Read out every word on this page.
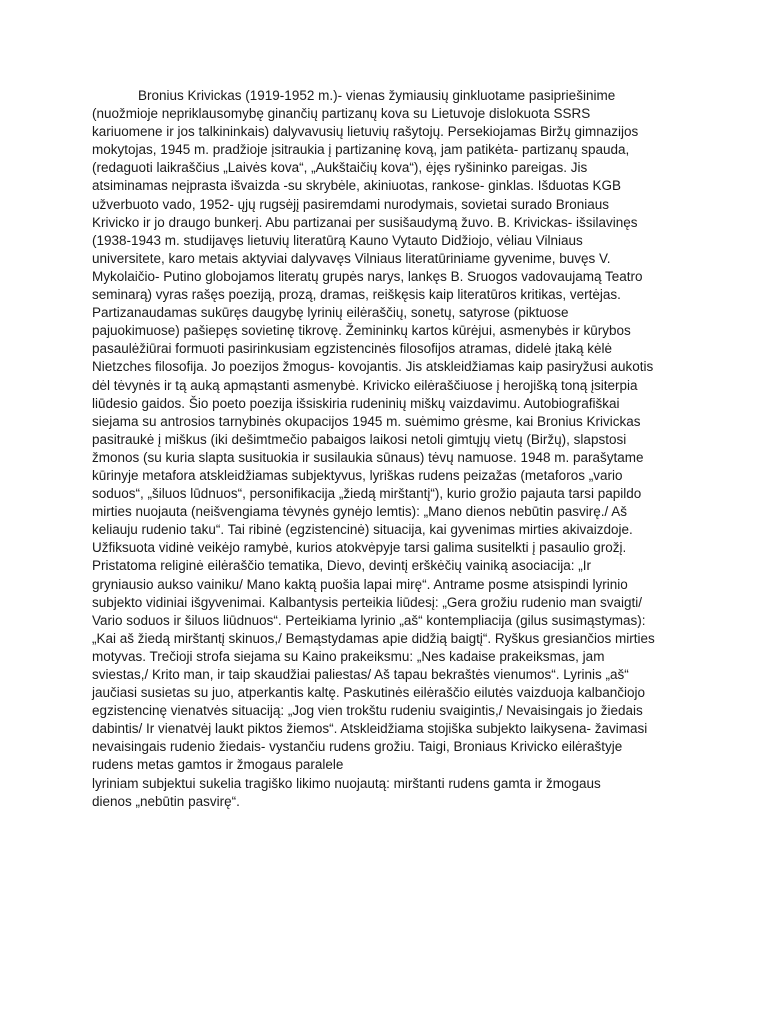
Bronius Krivickas (1919-1952 m.)- vienas žymiausių ginkluotame pasipriešinime
(nuožmioje nepriklausomybę ginančių partizanų kova su Lietuvoje dislokuota SSRS
kariuomene ir jos talkininkais) dalyvavusių lietuvių rašytojų. Persekiojamas Biržų gimnazijos
mokytojas, 1945 m. pradžioje įsitraukia į partizaninę kovą, jam patikėta- partizanų spauda,
(redaguoti laikraščius „Laivės kova“, „Aukštaičių kova“), ėjęs ryšininko pareigas. Jis
atsiminamas neįprasta išvaizda -su skrybėle, akiniuotas, rankose- ginklas. Išduotas KGB
užverbuoto vado, 1952- ųjų rugsėjį pasiremdami nurodymais, sovietai surado Broniaus
Krivicko ir jo draugo bunkerį. Abu partizanai per susišaudymą žuvo. B. Krivickas- išsilavinęs
(1938-1943 m. studijavęs lietuvių literatūrą Kauno Vytauto Didžiojo, vėliau Vilniaus
universitete, karo metais aktyviai dalyvavęs Vilniaus literatūriniame gyvenime, buvęs V.
Mykolaičio- Putino globojamos literatų grupės narys, lankęs B. Sruogos vadovaujamą Teatro
seminarą) vyras rašęs poeziją, prozą, dramas, reiškęsis kaip literatūros kritikas, vertėjas.
Partizanaudamas sukūręs daugybę lyrinių eilėraščių, sonetų, satyrose (piktuose
pajuokimuose) pašiepęs sovietinę tikrovę. Žemininkų kartos kūrėjui, asmenybės ir kūrybos
pasaulėžiūrai formuoti pasirinkusiam egzistencinės filosofijos atramas, didelė įtaką kėlė
Nietzches filosofija. Jo poezijos žmogus- kovojantis. Jis atskleidžiamas kaip pasiryžusi aukotis
dėl tėvynės ir tą auką apmąstanti asmenybė. Krivicko eilėraščiuose į herojišką toną įsiterpia
liūdesio gaidos. Šio poeto poezija išsiskiria rudeninių miškų vaizdavimu. Autobiografiškai
siejama su antrosios tarnybinės okupacijos 1945 m. suėmimo grėsme, kai Bronius Krivickas
pasitraukė į miškus (iki dešimtmečio pabaigos laikosi netoli gimtųjų vietų (Biržų), slapstosi
žmonos (su kuria slapta susituokia ir susilaukia sūnaus) tėvų namuose. 1948 m. parašytame
kūrinyje metafora atskleidžiamas subjektyvus, lyriškas rudens peizažas (metaforos „vario
soduos“, „šiluos lūdnuos“, personifikacija „žiedą mirštantį“), kurio grožio pajauta tarsi papildo
mirties nuojauta (neišvengiama tėvynės gynėjo lemtis): „Mano dienos nebūtin pasvirę./ Aš
keliauju rudenio taku“. Tai ribinė (egzistencinė) situacija, kai gyvenimas mirties akivaizdoje.
Užfiksuota vidinė veikėjo ramybė, kurios atokvėpyje tarsi galima susitelkti į pasaulio grožį.
Pristatoma religinė eilėraščio tematika, Dievo, devintį erškėčių vainiką asociacija: „Ir
gryniausio aukso vainiku/ Mano kaktą puošia lapai mirę“. Antrame posme atsispindi lyrinio
subjekto vidiniai išgyvenimai. Kalbantysis perteikia liūdesį: „Gera grožiu rudenio man svaigti/
Vario soduos ir šiluos liūdnuos“. Perteikiama lyrinio „aš“ kontempliacija (gilus susimąstymas):
„Kai aš žiedą mirštantį skinuos,/ Bemąstydamas apie didžią baigtį“. Ryškus gresiančios mirties
motyvas. Trečioji strofa siejama su Kaino prakeiksmu: „Nes kadaise prakeiksmas, jam
sviestas,/ Krito man, ir taip skaudžiai paliestas/ Aš tapau bekraštės vienumos“. Lyrinis „aš“
jaučiasi susietas su juo, atperkantis kaltę. Paskutinės eilėraščio eilutės vaizduoja kalbančiojo
egzistencinę vienatvės situaciją: „Jog vien trokštu rudeniu svaigintis,/ Nevaisingais jo žiedais
dabintis/ Ir vienatvėj laukt piktos žiemos“. Atskleidžiama stojiška subjekto laikysena- žavimasi
nevaisingais rudenio žiedais- vystančiu rudens grožiu. Taigi, Broniaus Krivicko eilėraštyje
rudens metas gamtos ir žmogaus paralele
lyriniam subjektui sukelia tragiško likimo nuojautą: mirštanti rudens gamta ir žmogaus
dienos „nebūtin pasvirę“.
